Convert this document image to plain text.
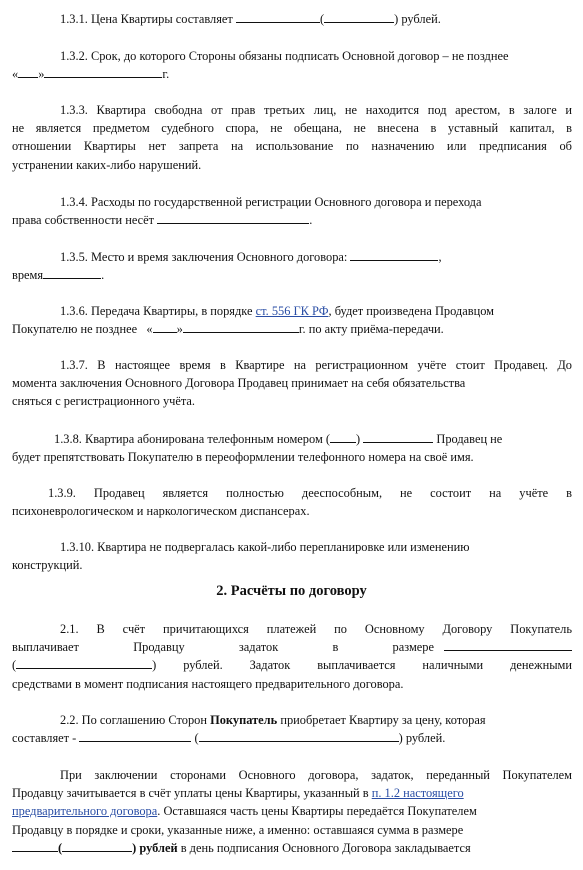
1.3.1. Цена Квартиры составляет	(	) рублей.
1.3.2. Срок, до которого Стороны обязаны подписать Основной договор – не позднее
« »	г.
1.3.3. Квартира свободна от прав третьих лиц, не находится под арестом, в залоге и
не является предметом судебного спора, не обещана, не внесена в уставный капитал, в
отношении Квартиры нет запрета на использование по назначению или предписания об
устранении каких-либо нарушений.
1.3.4. Расходы по государственной регистрации Основного договора и перехода
права собственности несёт	.
1.3.5. Место и время заключения Основного договора:	,
время	.
1.3.6. Передача Квартиры, в порядке ст. 556 ГК РФ, будет произведена Продавцом
Покупателю не позднее « »	г. по акту приёма-передачи.
1.3.7. В настоящее время в Квартире на регистрационном учёте стоит Продавец. До
момента заключения Основного Договора Продавец принимает на себя обязательства
сняться с регистрационного учёта.
1.3.8. Квартира абонирована телефонным номером ( )	Продавец не
будет препятствовать Покупателю в переоформлении телефонного номера на своё имя.
1.3.9. Продавец является полностью дееспособным, не состоит на учёте в
психоневрологическом и наркологическом диспансерах.
1.3.10. Квартира не подвергалась какой-либо перепланировке или изменению
конструкций.
2. Расчёты по договору
2.1. В счёт причитающихся платежей по Основному Договору Покупатель
выплачивает Продавцу задаток в размере
(	) рублей. Задаток выплачивается наличными денежными
средствами в момент подписания настоящего предварительного договора.
2.2. По соглашению Сторон Покупатель приобретает Квартиру за цену, которая
составляет -	(	) рублей.
При заключении сторонами Основного договора, задаток, переданный Покупателем
Продавцу зачитывается в счёт уплаты цены Квартиры, указанный в п. 1.2 настоящего
предварительного договора. Оставшаяся часть цены Квартиры передаётся Покупателем
Продавцу в порядке и сроки, указанные ниже, а именно: оставшаяся сумма в размере
(	) рублей в день подписания Основного Договора закладывается
